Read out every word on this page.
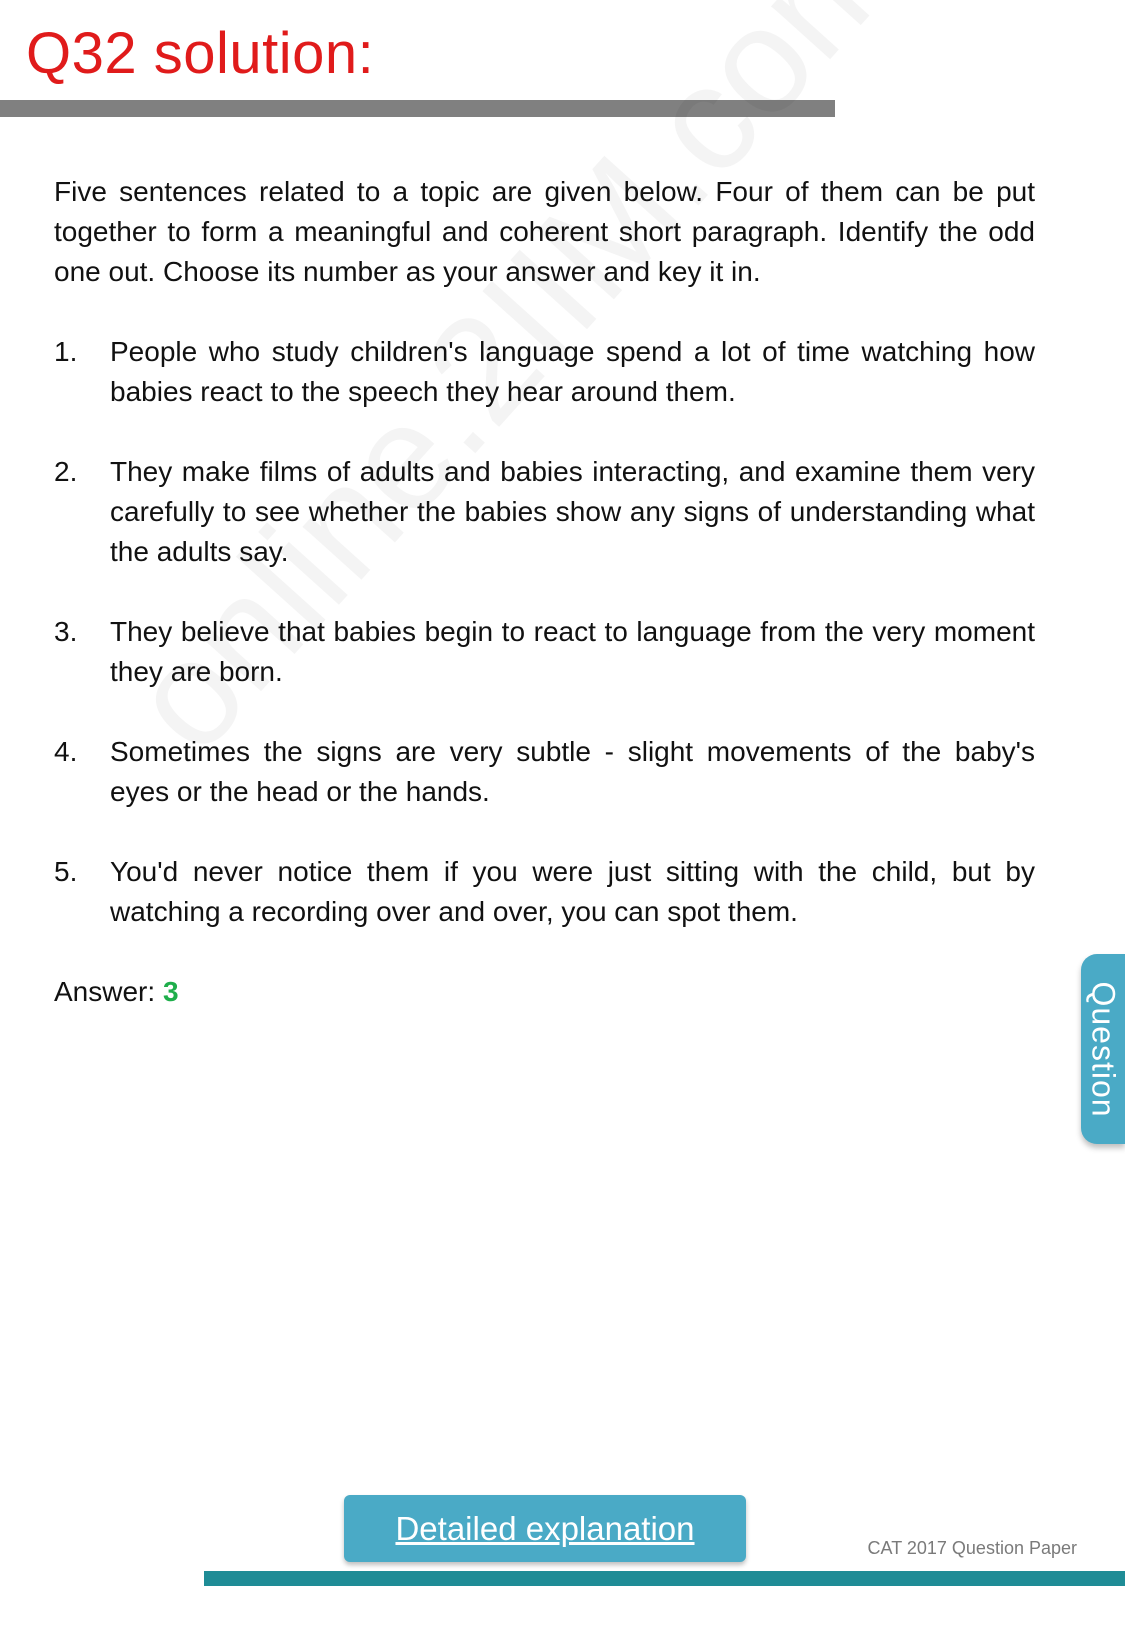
Q32 solution:

Five sentences related to a topic are given below. Four of them can be put together to form a meaningful and coherent short paragraph. Identify the odd one out. Choose its number as your answer and key it in.

1.	People who study children's language spend a lot of time watching how babies react to the speech they hear around them.
2.	They make films of adults and babies interacting, and examine them very carefully to see whether the babies show any signs of understanding what the adults say.
3.	They believe that babies begin to react to language from the very moment they are born.
4.	Sometimes the signs are very subtle - slight movements of the baby's eyes or the head or the hands.
5.	You'd never notice them if you were just sitting with the child, but by watching a recording over and over, you can spot them.

Answer: 3	Question
Detailed explanation
CAT 2017 Question Paper
